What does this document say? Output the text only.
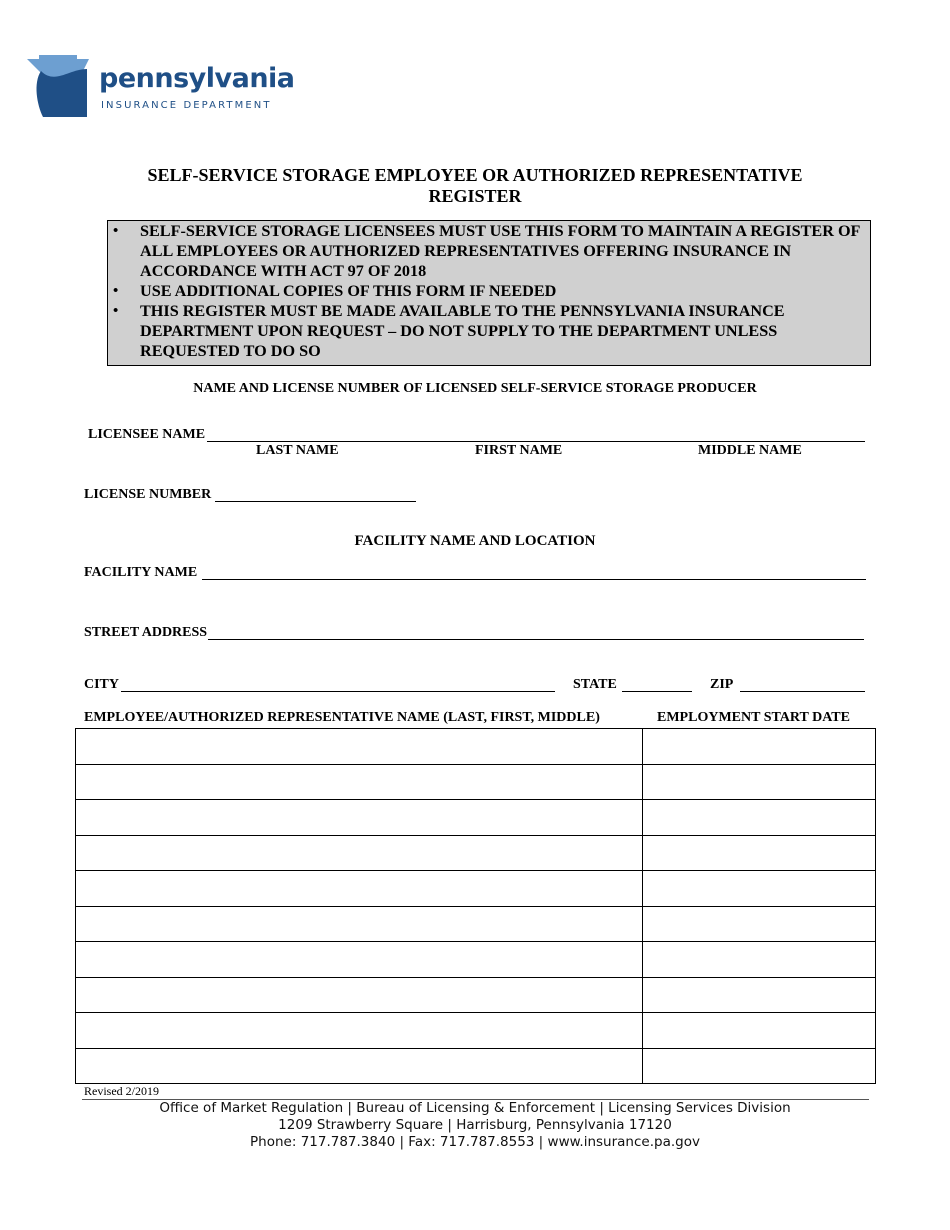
pennsylvania
INSURANCE DEPARTMENT
SELF-SERVICE STORAGE EMPLOYEE OR AUTHORIZED REPRESENTATIVE
REGISTER
• SELF-SERVICE STORAGE LICENSEES MUST USE THIS FORM TO MAINTAIN A REGISTER OF ALL EMPLOYEES OR AUTHORIZED REPRESENTATIVES OFFERING INSURANCE IN ACCORDANCE WITH ACT 97 OF 2018
• USE ADDITIONAL COPIES OF THIS FORM IF NEEDED
• THIS REGISTER MUST BE MADE AVAILABLE TO THE PENNSYLVANIA INSURANCE DEPARTMENT UPON REQUEST – DO NOT SUPPLY TO THE DEPARTMENT UNLESS REQUESTED TO DO SO
NAME AND LICENSE NUMBER OF LICENSED SELF-SERVICE STORAGE PRODUCER
LICENSEE NAME
LAST NAME	FIRST NAME	MIDDLE NAME
LICENSE NUMBER
FACILITY NAME AND LOCATION
FACILITY NAME
STREET ADDRESS
CITY	STATE	ZIP
EMPLOYEE/AUTHORIZED REPRESENTATIVE NAME (LAST, FIRST, MIDDLE)	EMPLOYMENT START DATE

Revised 2/2019
Office of Market Regulation | Bureau of Licensing & Enforcement | Licensing Services Division
1209 Strawberry Square | Harrisburg, Pennsylvania 17120
Phone: 717.787.3840 | Fax: 717.787.8553 | www.insurance.pa.gov
